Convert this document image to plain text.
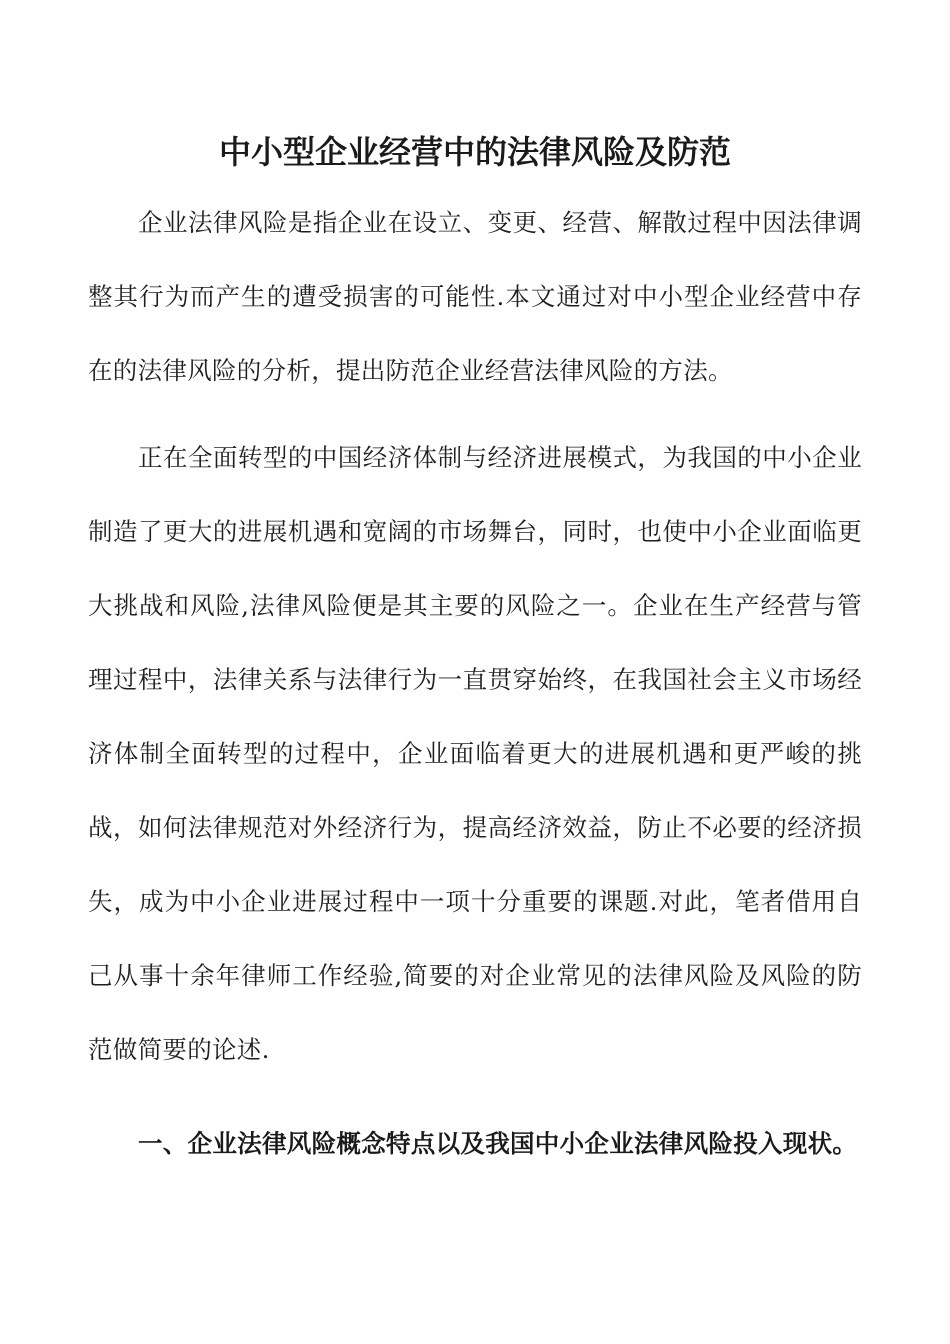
中小型企业经营中的法律风险及防范
企业法律风险是指企业在设立、变更、经营、解散过程中因法律调整其行为而产生的遭受损害的可能性.本文通过对中小型企业经营中存在的法律风险的分析，提出防范企业经营法律风险的方法。
正在全面转型的中国经济体制与经济进展模式，为我国的中小企业制造了更大的进展机遇和宽阔的市场舞台，同时，也使中小企业面临更大挑战和风险,法律风险便是其主要的风险之一。企业在生产经营与管理过程中，法律关系与法律行为一直贯穿始终，在我国社会主义市场经济体制全面转型的过程中，企业面临着更大的进展机遇和更严峻的挑战，如何法律规范对外经济行为，提高经济效益，防止不必要的经济损失，成为中小企业进展过程中一项十分重要的课题.对此，笔者借用自己从事十余年律师工作经验,简要的对企业常见的法律风险及风险的防范做简要的论述.
一、企业法律风险概念特点以及我国中小企业法律风险投入现状。
